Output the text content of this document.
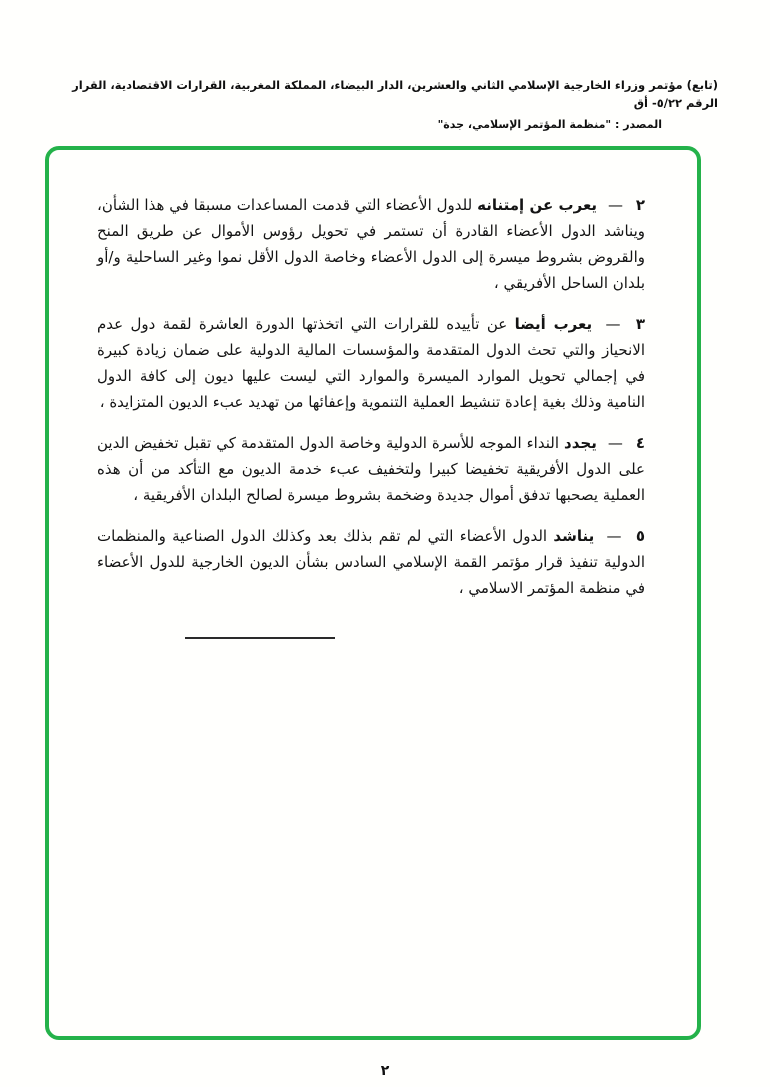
(تابع) مؤتمر وزراء الخارجية الإسلامي الثاني والعشرين، الدار البيضاء، المملكة المغربية، القرارات الاقتصادية، القرار الرقم ٥/٢٢- أق
المصدر : "منظمة المؤتمر الإسلامي، جدة"

٢ — يعرب عن إمتنانه للدول الأعضاء التي قدمت المساعدات مسبقا في هذا الشأن، ويناشد الدول الأعضاء القادرة أن تستمر في تحويل رؤوس الأموال عن طريق المنح والقروض بشروط ميسرة إلى الدول الأعضاء وخاصة الدول الأقل نموا وغير الساحلية و/أو بلدان الساحل الأفريقي ،

٣ — يعرب أيضا عن تأييده للقرارات التي اتخذتها الدورة العاشرة لقمة دول عدم الانحياز والتي تحث الدول المتقدمة والمؤسسات المالية الدولية على ضمان زيادة كبيرة في إجمالي تحويل الموارد الميسرة والموارد التي ليست عليها ديون إلى كافة الدول النامية وذلك بغية إعادة تنشيط العملية التنموية وإعفائها من تهديد عبء الديون المتزايدة ،

٤ — يجدد النداء الموجه للأسرة الدولية وخاصة الدول المتقدمة كي تقبل تخفيض الدين على الدول الأفريقية تخفيضا كبيرا ولتخفيف عبء خدمة الديون مع التأكد من أن هذه العملية يصحبها تدفق أموال جديدة وضخمة بشروط ميسرة لصالح البلدان الأفريقية ،

٥ — يناشد الدول الأعضاء التي لم تقم بذلك بعد وكذلك الدول الصناعية والمنظمات الدولية تنفيذ قرار مؤتمر القمة الإسلامي السادس بشأن الديون الخارجية للدول الأعضاء في منظمة المؤتمر الاسلامي ،

٢
